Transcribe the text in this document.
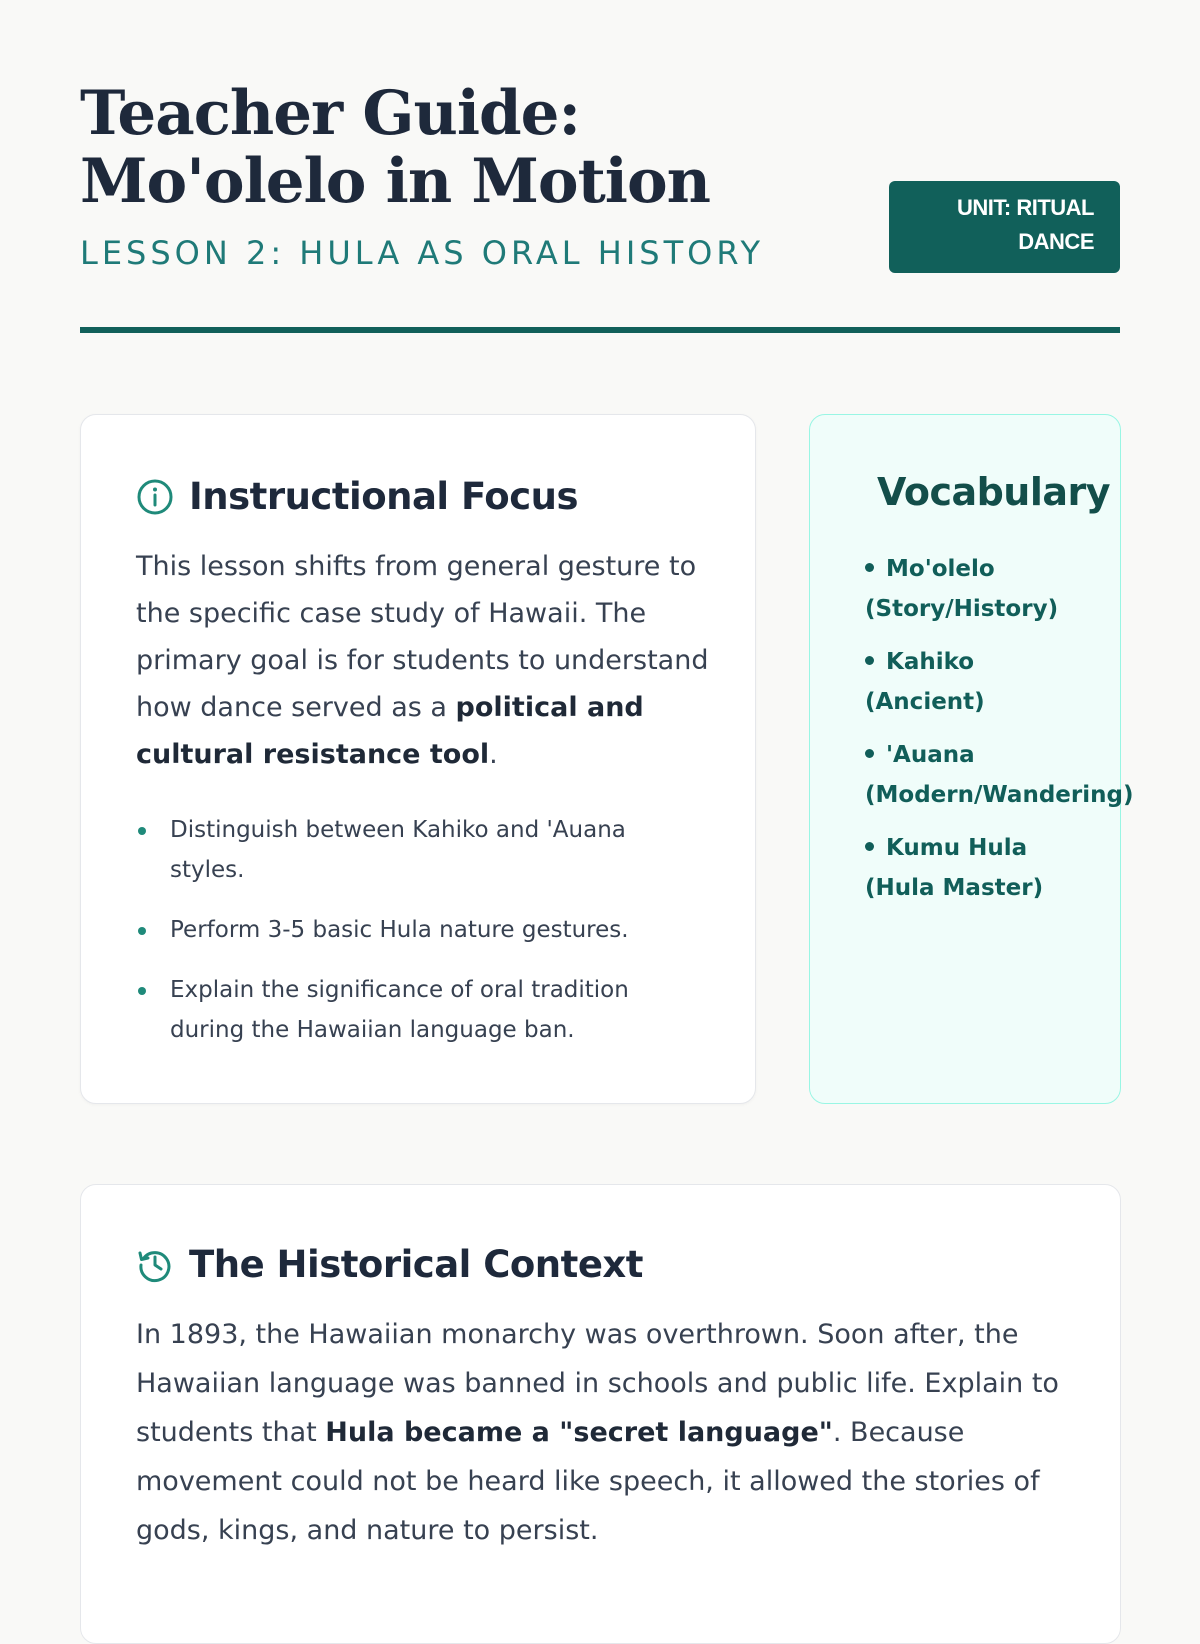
Teacher Guide: Mo'olelo in Motion
LESSON 2: HULA AS ORAL HISTORY
UNIT: RITUAL
DANCE
Instructional Focus
This lesson shifts from general gesture to the specific case study of Hawaii. The primary goal is for students to understand how dance served as a political and cultural resistance tool.
Distinguish between Kahiko and 'Auana styles.
Perform 3-5 basic Hula nature gestures.
Explain the significance of oral tradition during the Hawaiian language ban.
Vocabulary
Mo'olelo
(Story/History)
Kahiko
(Ancient)
'Auana
(Modern/Wandering)
Kumu Hula
(Hula Master)
The Historical Context
In 1893, the Hawaiian monarchy was overthrown. Soon after, the Hawaiian language was banned in schools and public life. Explain to students that Hula became a "secret language". Because movement could not be heard like speech, it allowed the stories of gods, kings, and nature to persist.
